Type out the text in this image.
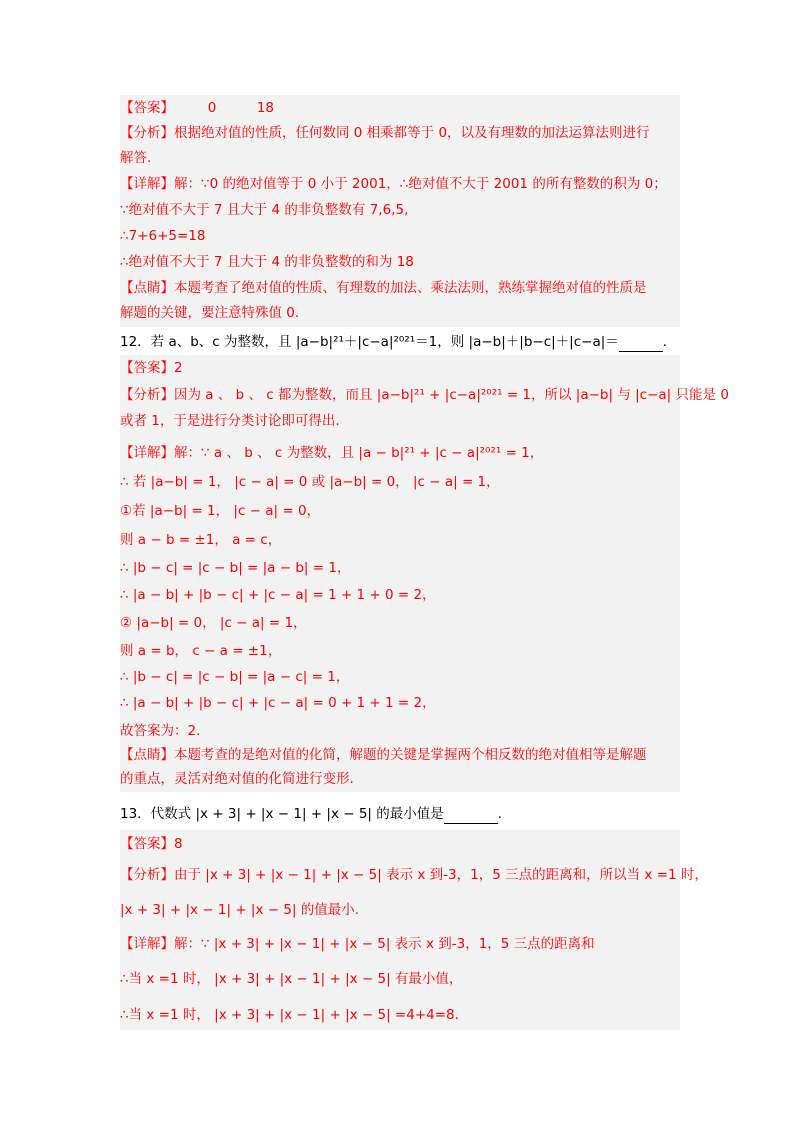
【答案】　　　0　　　18
【分析】根据绝对值的性质，任何数同 0 相乘都等于 0，以及有理数的加法运算法则进行
解答.
【详解】解：∵0 的绝对值等于 0 小于 2001，∴绝对值不大于 2001 的所有整数的积为 0；
∵绝对值不大于 7 且大于 4 的非负整数有 7,6,5,
∴7+6+5=18
∴绝对值不大于 7 且大于 4 的非负整数的和为 18
【点睛】本题考查了绝对值的性质、有理数的加法、乘法法则，熟练掌握绝对值的性质是
解题的关键，要注意特殊值 0.
12．若 a、b、c 为整数，且 |a−b|²¹＋|c−a|²⁰²¹＝1，则 |a−b|＋|b−c|＋|c−a|＝	．
【答案】2
【分析】因为 a 、 b 、 c 都为整数，而且 |a−b|²¹ + |c−a|²⁰²¹ = 1，所以 |a−b| 与 |c−a| 只能是 0
或者 1，于是进行分类讨论即可得出.
【详解】解：∵ a 、 b 、 c 为整数，且 |a − b|²¹ + |c − a|²⁰²¹ = 1，
∴ 若 |a−b| = 1， |c − a| = 0 或 |a−b| = 0， |c − a| = 1，
①若 |a−b| = 1， |c − a| = 0，
则 a − b = ±1， a = c，
∴ |b − c| = |c − b| = |a − b| = 1，
∴ |a − b| + |b − c| + |c − a| = 1 + 1 + 0 = 2，
② |a−b| = 0， |c − a| = 1，
则 a = b， c − a = ±1，
∴ |b − c| = |c − b| = |a − c| = 1，
∴ |a − b| + |b − c| + |c − a| = 0 + 1 + 1 = 2，
故答案为：2.
【点睛】本题考查的是绝对值的化简，解题的关键是掌握两个相反数的绝对值相等是解题
的重点，灵活对绝对值的化简进行变形.
13．代数式 |x + 3| + |x − 1| + |x − 5| 的最小值是	.
【答案】8
【分析】由于 |x + 3| + |x − 1| + |x − 5| 表示 x 到-3，1，5 三点的距离和，所以当 x =1 时，
|x + 3| + |x − 1| + |x − 5| 的值最小.
【详解】解：∵ |x + 3| + |x − 1| + |x − 5| 表示 x 到-3，1，5 三点的距离和
∴当 x =1 时， |x + 3| + |x − 1| + |x − 5| 有最小值，
∴当 x =1 时， |x + 3| + |x − 1| + |x − 5| =4+4=8.
